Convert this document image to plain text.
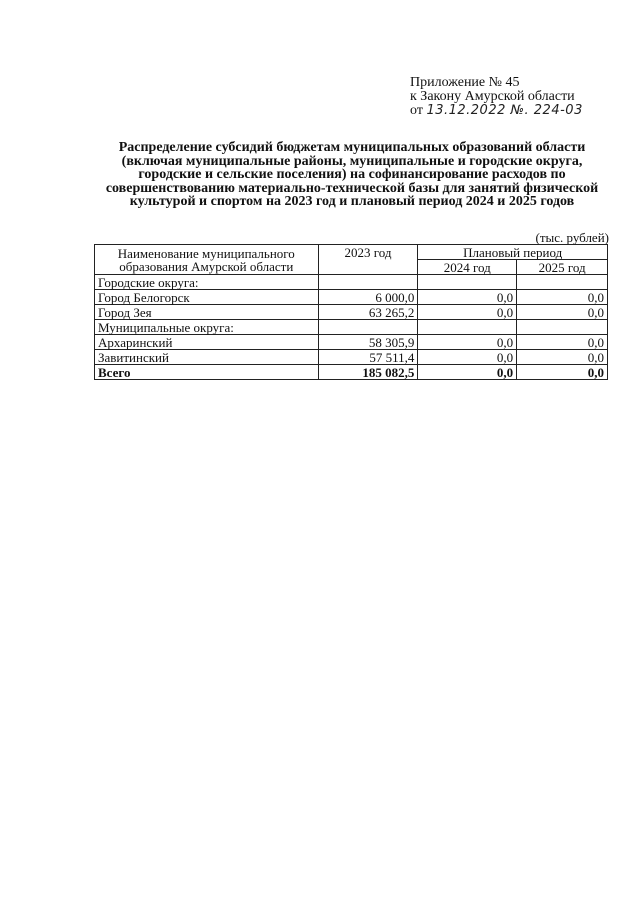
Приложение № 45
к Закону Амурской области
от 13.12.2022 №. 224-03
Распределение субсидий бюджетам муниципальных образований области (включая муниципальные районы, муниципальные и городские округа, городские и сельские поселения) на софинансирование расходов по совершенствованию материально-технической базы для занятий физической культурой и спортом на 2023 год и плановый период 2024 и 2025 годов
(тыс. рублей)
Наименование муниципального образования Амурской области	2023 год	Плановый период	
		2024 год	2025 год
Городские округа:			
Город Белогорск	6 000,0	0,0	0,0
Город Зея	63 265,2	0,0	0,0
Муниципальные округа:			
Архаринский	58 305,9	0,0	0,0
Завитинский	57 511,4	0,0	0,0
Всего	185 082,5	0,0	0,0
